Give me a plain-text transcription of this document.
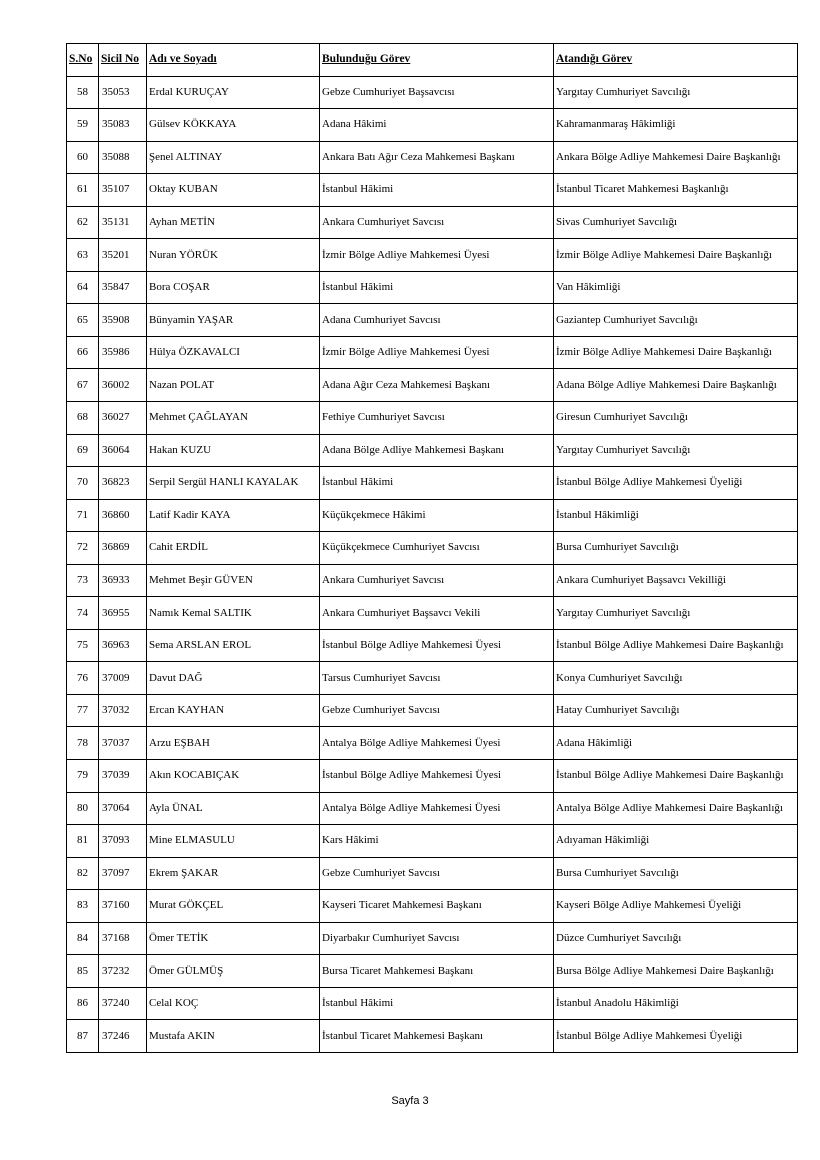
S.No	Sicil No	Adı ve Soyadı	Bulunduğu Görev	Atandığı Görev
58	35053	Erdal KURUÇAY	Gebze Cumhuriyet Başsavcısı	Yargıtay Cumhuriyet Savcılığı
59	35083	Gülsev KÖKKAYA	Adana Hâkimi	Kahramanmaraş Hâkimliği
60	35088	Şenel ALTINAY	Ankara Batı Ağır Ceza Mahkemesi Başkanı	Ankara Bölge Adliye Mahkemesi Daire Başkanlığı
61	35107	Oktay KUBAN	İstanbul Hâkimi	İstanbul Ticaret Mahkemesi Başkanlığı
62	35131	Ayhan METİN	Ankara Cumhuriyet Savcısı	Sivas Cumhuriyet Savcılığı
63	35201	Nuran YÖRÜK	İzmir Bölge Adliye Mahkemesi Üyesi	İzmir Bölge Adliye Mahkemesi Daire Başkanlığı
64	35847	Bora COŞAR	İstanbul Hâkimi	Van Hâkimliği
65	35908	Bünyamin YAŞAR	Adana Cumhuriyet Savcısı	Gaziantep Cumhuriyet Savcılığı
66	35986	Hülya ÖZKAVALCI	İzmir Bölge Adliye Mahkemesi Üyesi	İzmir Bölge Adliye Mahkemesi Daire Başkanlığı
67	36002	Nazan POLAT	Adana Ağır Ceza Mahkemesi Başkanı	Adana Bölge Adliye Mahkemesi Daire Başkanlığı
68	36027	Mehmet ÇAĞLAYAN	Fethiye Cumhuriyet Savcısı	Giresun Cumhuriyet Savcılığı
69	36064	Hakan KUZU	Adana Bölge Adliye Mahkemesi Başkanı	Yargıtay Cumhuriyet Savcılığı
70	36823	Serpil Sergül HANLI KAYALAK	İstanbul Hâkimi	İstanbul Bölge Adliye Mahkemesi Üyeliği
71	36860	Latif Kadir KAYA	Küçükçekmece Hâkimi	İstanbul Hâkimliği
72	36869	Cahit ERDİL	Küçükçekmece Cumhuriyet Savcısı	Bursa Cumhuriyet Savcılığı
73	36933	Mehmet Beşir GÜVEN	Ankara Cumhuriyet Savcısı	Ankara Cumhuriyet Başsavcı Vekilliği
74	36955	Namık Kemal SALTIK	Ankara Cumhuriyet Başsavcı Vekili	Yargıtay Cumhuriyet Savcılığı
75	36963	Sema ARSLAN EROL	İstanbul Bölge Adliye Mahkemesi Üyesi	İstanbul Bölge Adliye Mahkemesi Daire Başkanlığı
76	37009	Davut DAĞ	Tarsus Cumhuriyet Savcısı	Konya Cumhuriyet Savcılığı
77	37032	Ercan KAYHAN	Gebze Cumhuriyet Savcısı	Hatay Cumhuriyet Savcılığı
78	37037	Arzu EŞBAH	Antalya Bölge Adliye Mahkemesi Üyesi	Adana Hâkimliği
79	37039	Akın KOCABIÇAK	İstanbul Bölge Adliye Mahkemesi Üyesi	İstanbul Bölge Adliye Mahkemesi Daire Başkanlığı
80	37064	Ayla ÜNAL	Antalya Bölge Adliye Mahkemesi Üyesi	Antalya Bölge Adliye Mahkemesi Daire Başkanlığı
81	37093	Mine ELMASULU	Kars Hâkimi	Adıyaman Hâkimliği
82	37097	Ekrem ŞAKAR	Gebze Cumhuriyet Savcısı	Bursa Cumhuriyet Savcılığı
83	37160	Murat GÖKÇEL	Kayseri Ticaret Mahkemesi Başkanı	Kayseri Bölge Adliye Mahkemesi Üyeliği
84	37168	Ömer TETİK	Diyarbakır Cumhuriyet Savcısı	Düzce Cumhuriyet Savcılığı
85	37232	Ömer GÜLMÜŞ	Bursa Ticaret Mahkemesi Başkanı	Bursa Bölge Adliye Mahkemesi Daire Başkanlığı
86	37240	Celal KOÇ	İstanbul Hâkimi	İstanbul Anadolu Hâkimliği
87	37246	Mustafa AKIN	İstanbul Ticaret Mahkemesi Başkanı	İstanbul Bölge Adliye Mahkemesi Üyeliği
Sayfa 3
